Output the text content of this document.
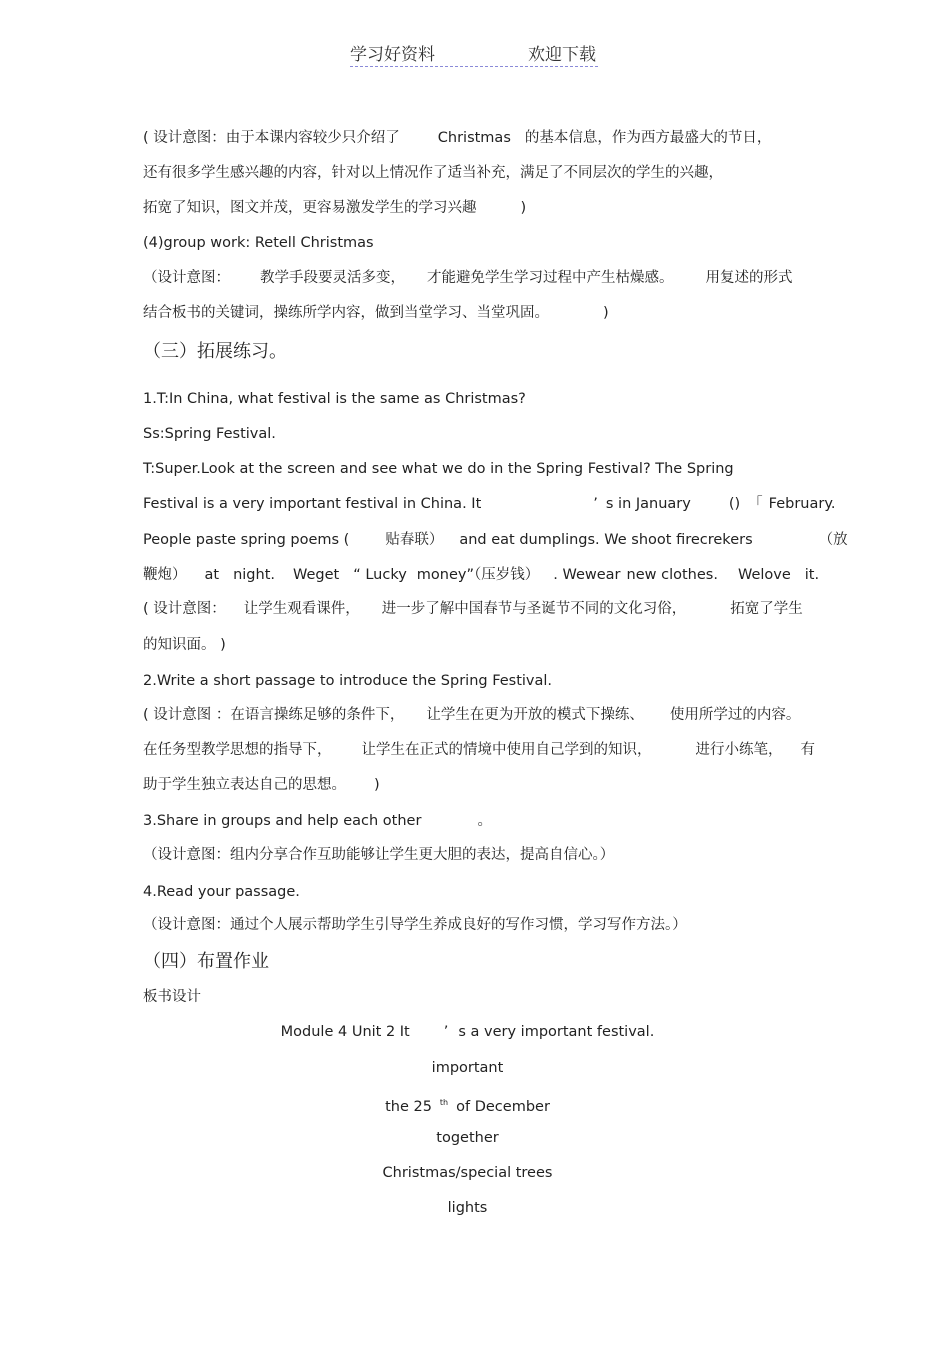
学习好资料	欢迎下载
( 设计意图：由于本课内容较少只介绍了	Christmas 的基本信息，作为西方最盛大的节日，
还有很多学生感兴趣的内容，针对以上情况作了适当补充，满足了不同层次的学生的兴趣，
拓宽了知识，图文并茂，更容易激发学生的学习兴趣	)
(4)group work: Retell Christmas
（设计意图： 教学手段要灵活多变， 才能避免学生学习过程中产生枯燥感。 用复述的形式
结合板书的关键词，操练所学内容，做到当堂学习、当堂巩固。	)
（三）拓展练习。
1.T:In China, what festival is the same as Christmas?
Ss:Spring Festival.
T:Super.Look at the screen and see what we do in the Spring Festival? The Spring
Festival is a very important festival in China. It	’ s in January	() 「 February.
People paste spring poems ( 贴春联） and eat dumplings. We shoot firecrekers	（放
鞭炮） at night. Weget “ Lucky money”（压岁钱） . Wewear new clothes. Welove it.
( 设计意图： 让学生观看课件， 进一步了解中国春节与圣诞节不同的文化习俗，	拓宽了学生
的知识面。 )
2.Write a short passage to introduce the Spring Festival.
( 设计意图 ：在语言操练足够的条件下， 让学生在更为开放的模式下操练、 使用所学过的内容。
在任务型教学思想的指导下， 让学生在正式的情境中使用自己学到的知识，	进行小练笔， 有
助于学生独立表达自己的思想。 )
3.Share in groups and help each other	。
（设计意图：组内分享合作互助能够让学生更大胆的表达，提高自信心。）
4.Read your passage.
（设计意图：通过个人展示帮助学生引导学生养成良好的写作习惯，学习写作方法。）
（四）布置作业
板书设计
Module 4 Unit 2 It ’ s a very important festival.
important
the 25 $^{th}$ of December
together
Christmas/special trees
lights
